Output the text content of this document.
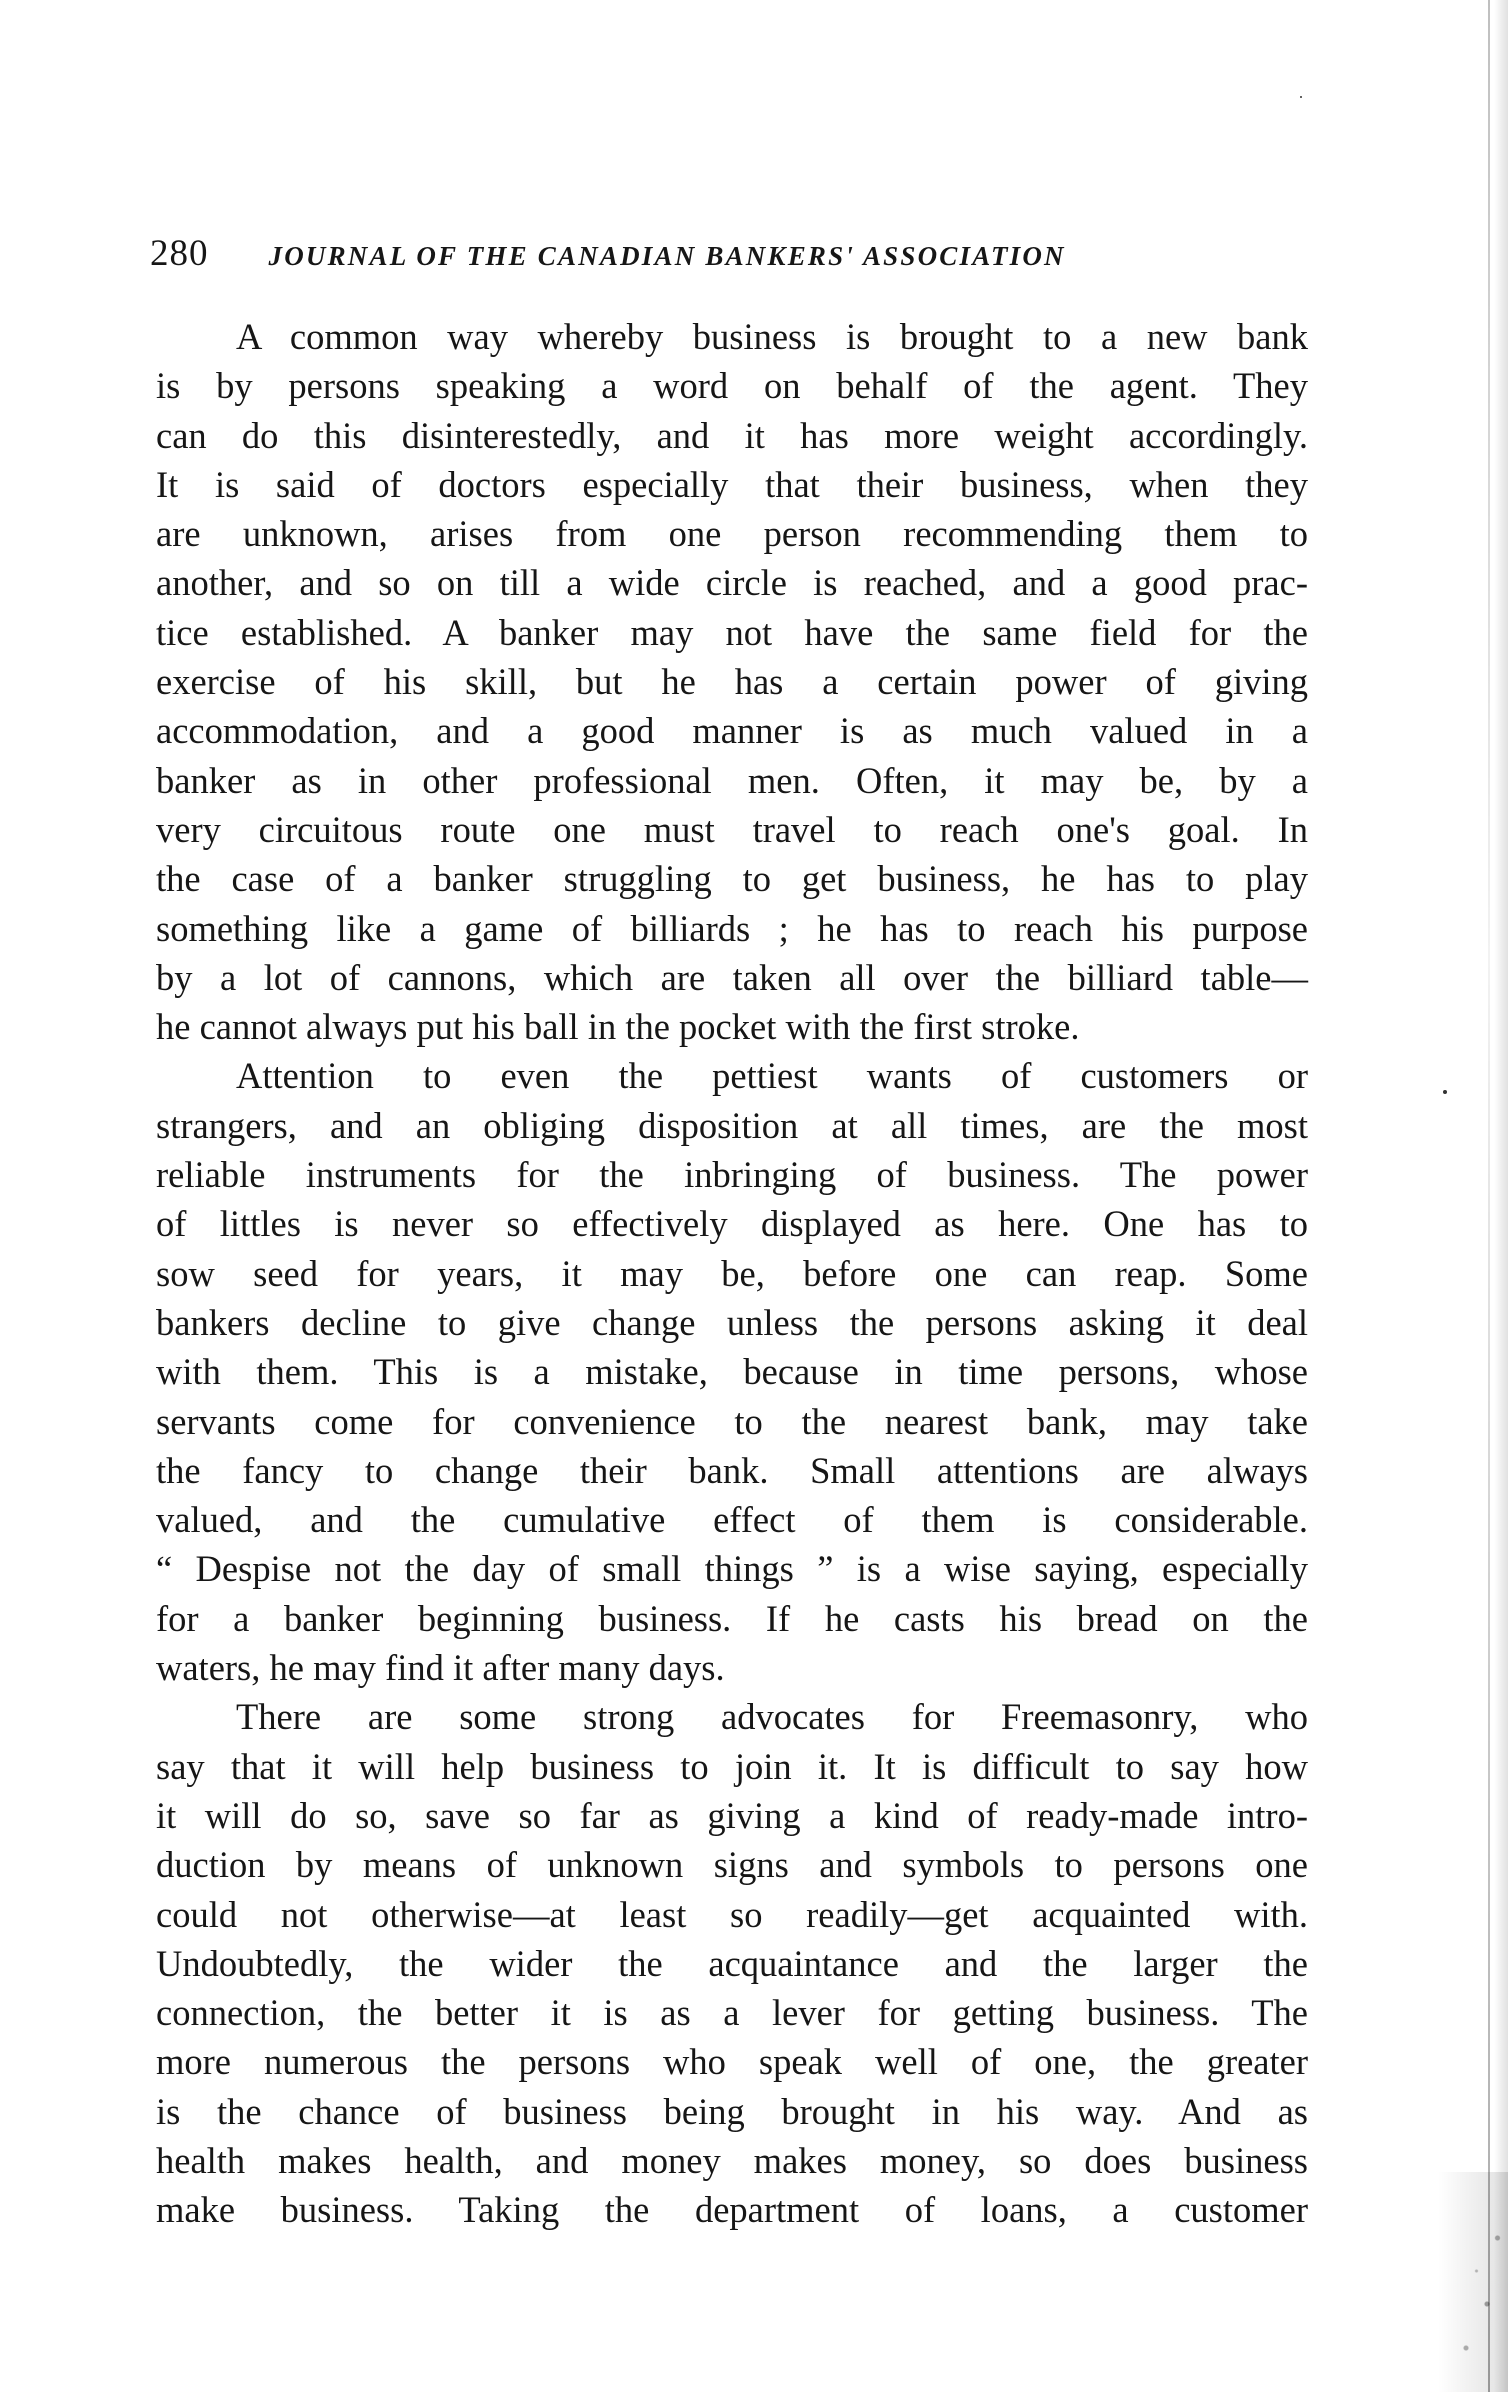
280 JOURNAL OF THE CANADIAN BANKERS' ASSOCIATION

A common way whereby business is brought to a new bank
is by persons speaking a word on behalf of the agent. They
can do this disinterestedly, and it has more weight accordingly.
It is said of doctors especially that their business, when they
are unknown, arises from one person recommending them to
another, and so on till a wide circle is reached, and a good prac-
tice established. A banker may not have the same field for the
exercise of his skill, but he has a certain power of giving
accommodation, and a good manner is as much valued in a
banker as in other professional men. Often, it may be, by a
very circuitous route one must travel to reach one's goal. In
the case of a banker struggling to get business, he has to play
something like a game of billiards ; he has to reach his purpose
by a lot of cannons, which are taken all over the billiard table—
he cannot always put his ball in the pocket with the first stroke.

Attention to even the pettiest wants of customers or
strangers, and an obliging disposition at all times, are the most
reliable instruments for the inbringing of business. The power
of littles is never so effectively displayed as here. One has to
sow seed for years, it may be, before one can reap. Some
bankers decline to give change unless the persons asking it deal
with them. This is a mistake, because in time persons, whose
servants come for convenience to the nearest bank, may take
the fancy to change their bank. Small attentions are always
valued, and the cumulative effect of them is considerable.
“ Despise not the day of small things ” is a wise saying, especially
for a banker beginning business. If he casts his bread on the
waters, he may find it after many days.

There are some strong advocates for Freemasonry, who
say that it will help business to join it. It is difficult to say how
it will do so, save so far as giving a kind of ready-made intro-
duction by means of unknown signs and symbols to persons one
could not otherwise—at least so readily—get acquainted with.
Undoubtedly, the wider the acquaintance and the larger the
connection, the better it is as a lever for getting business. The
more numerous the persons who speak well of one, the greater
is the chance of business being brought in his way. And as
health makes health, and money makes money, so does business
make business. Taking the department of loans, a customer
